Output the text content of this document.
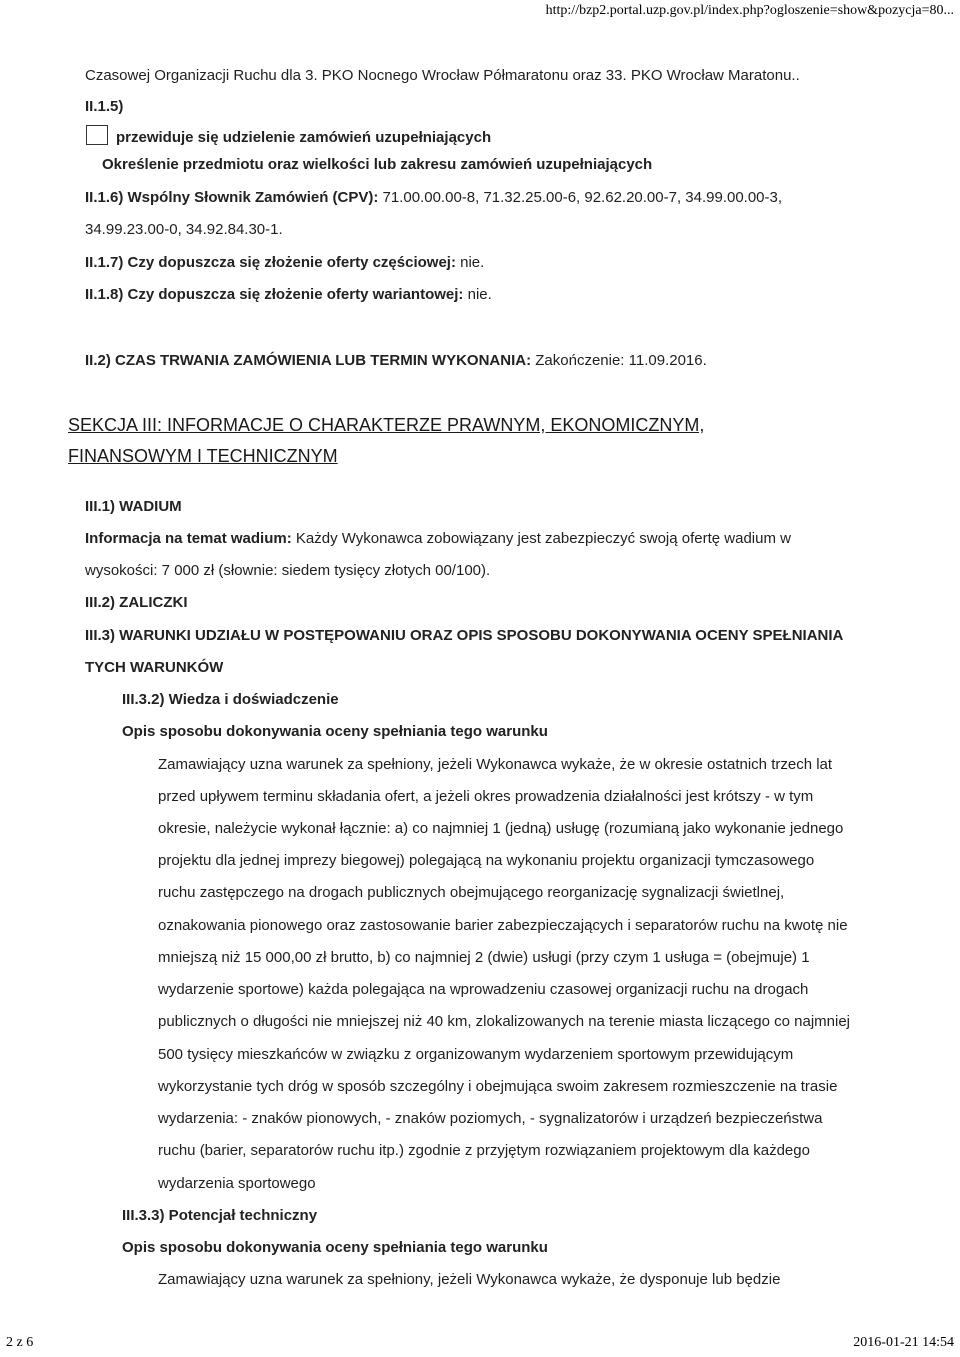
http://bzp2.portal.uzp.gov.pl/index.php?ogloszenie=show&pozycja=80...
Czasowej Organizacji Ruchu dla 3. PKO Nocnego Wrocław Półmaratonu oraz 33. PKO Wrocław Maratonu..
II.1.5)
przewiduje się udzielenie zamówień uzupełniających
Określenie przedmiotu oraz wielkości lub zakresu zamówień uzupełniających
II.1.6) Wspólny Słownik Zamówień (CPV): 71.00.00.00-8, 71.32.25.00-6, 92.62.20.00-7, 34.99.00.00-3,
34.99.23.00-0, 34.92.84.30-1.
II.1.7) Czy dopuszcza się złożenie oferty częściowej: nie.
II.1.8) Czy dopuszcza się złożenie oferty wariantowej: nie.
II.2) CZAS TRWANIA ZAMÓWIENIA LUB TERMIN WYKONANIA: Zakończenie: 11.09.2016.
SEKCJA III: INFORMACJE O CHARAKTERZE PRAWNYM, EKONOMICZNYM,
FINANSOWYM I TECHNICZNYM
III.1) WADIUM
Informacja na temat wadium: Każdy Wykonawca zobowiązany jest zabezpieczyć swoją ofertę wadium w
wysokości: 7 000 zł (słownie: siedem tysięcy złotych 00/100).
III.2) ZALICZKI
III.3) WARUNKI UDZIAŁU W POSTĘPOWANIU ORAZ OPIS SPOSOBU DOKONYWANIA OCENY SPEŁNIANIA
TYCH WARUNKÓW
III.3.2) Wiedza i doświadczenie
Opis sposobu dokonywania oceny spełniania tego warunku
Zamawiający uzna warunek za spełniony, jeżeli Wykonawca wykaże, że w okresie ostatnich trzech lat
przed upływem terminu składania ofert, a jeżeli okres prowadzenia działalności jest krótszy - w tym
okresie, należycie wykonał łącznie: a) co najmniej 1 (jedną) usługę (rozumianą jako wykonanie jednego
projektu dla jednej imprezy biegowej) polegającą na wykonaniu projektu organizacji tymczasowego
ruchu zastępczego na drogach publicznych obejmującego reorganizację sygnalizacji świetlnej,
oznakowania pionowego oraz zastosowanie barier zabezpieczających i separatorów ruchu na kwotę nie
mniejszą niż 15 000,00 zł brutto, b) co najmniej 2 (dwie) usługi (przy czym 1 usługa = (obejmuje) 1
wydarzenie sportowe) każda polegająca na wprowadzeniu czasowej organizacji ruchu na drogach
publicznych o długości nie mniejszej niż 40 km, zlokalizowanych na terenie miasta liczącego co najmniej
500 tysięcy mieszkańców w związku z organizowanym wydarzeniem sportowym przewidującym
wykorzystanie tych dróg w sposób szczególny i obejmująca swoim zakresem rozmieszczenie na trasie
wydarzenia: - znaków pionowych, - znaków poziomych, - sygnalizatorów i urządzeń bezpieczeństwa
ruchu (barier, separatorów ruchu itp.) zgodnie z przyjętym rozwiązaniem projektowym dla każdego
wydarzenia sportowego
III.3.3) Potencjał techniczny
Opis sposobu dokonywania oceny spełniania tego warunku
Zamawiający uzna warunek za spełniony, jeżeli Wykonawca wykaże, że dysponuje lub będzie
2 z 6	2016-01-21 14:54
